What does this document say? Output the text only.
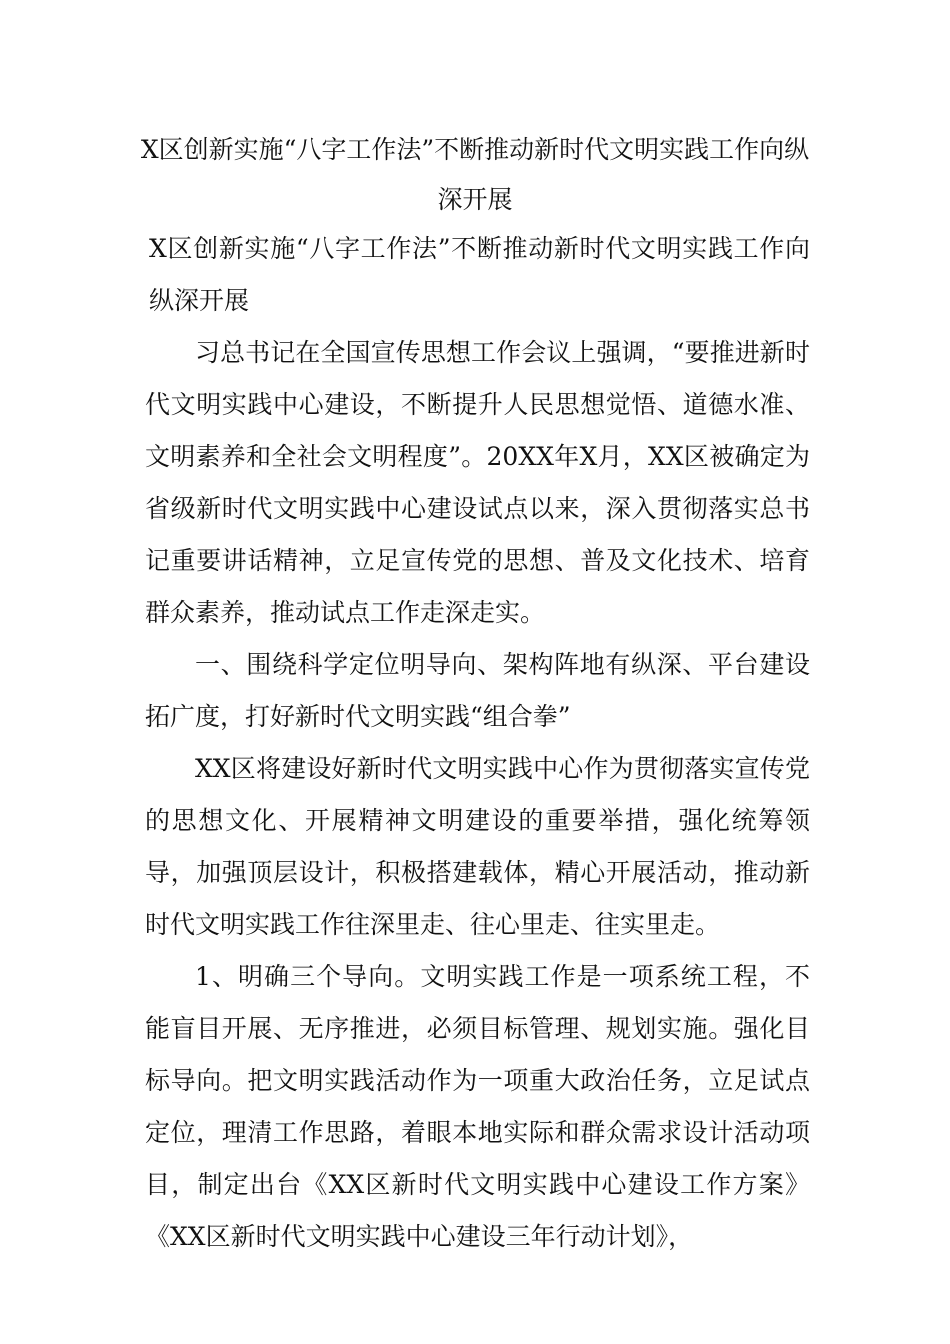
X区创新实施“八字工作法”不断推动新时代文明实践工作向纵深开展

X区创新实施“八字工作法”不断推动新时代文明实践工作向纵深开展

习总书记在全国宣传思想工作会议上强调，“要推进新时代文明实践中心建设，不断提升人民思想觉悟、道德水准、文明素养和全社会文明程度”。20XX年X月，XX区被确定为省级新时代文明实践中心建设试点以来，深入贯彻落实总书记重要讲话精神，立足宣传党的思想、普及文化技术、培育群众素养，推动试点工作走深走实。

一、围绕科学定位明导向、架构阵地有纵深、平台建设拓广度，打好新时代文明实践“组合拳”

XX区将建设好新时代文明实践中心作为贯彻落实宣传党的思想文化、开展精神文明建设的重要举措，强化统筹领导，加强顶层设计，积极搭建载体，精心开展活动，推动新时代文明实践工作往深里走、往心里走、往实里走。

1、明确三个导向。文明实践工作是一项系统工程，不能盲目开展、无序推进，必须目标管理、规划实施。强化目标导向。把文明实践活动作为一项重大政治任务，立足试点定位，理清工作思路，着眼本地实际和群众需求设计活动项目，制定出台《XX区新时代文明实践中心建设工作方案》《XX区新时代文明实践中心建设三年行动计划》，
